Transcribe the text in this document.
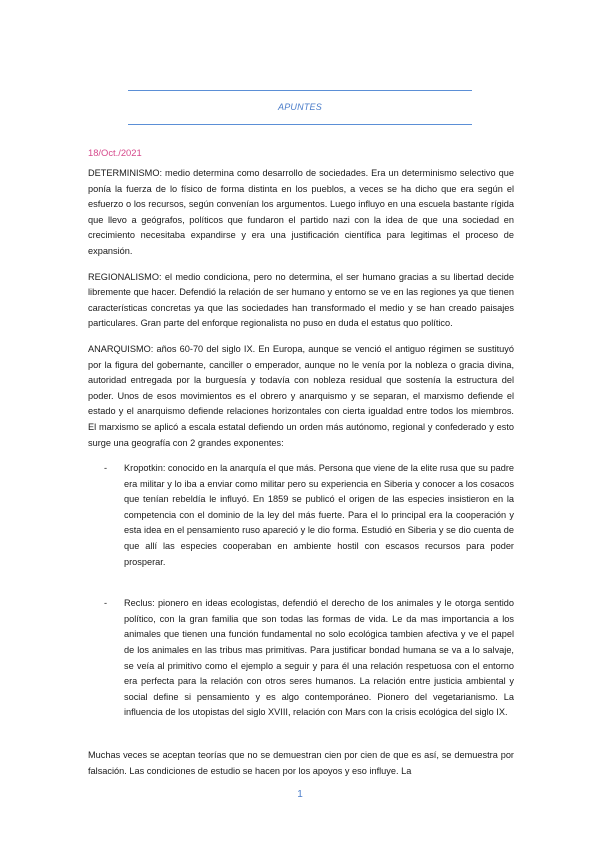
APUNTES
18/Oct./2021

DETERMINISMO: medio determina como desarrollo de sociedades. Era un determinismo selectivo que ponía la fuerza de lo físico de forma distinta en los pueblos, a veces se ha dicho que era según el esfuerzo o los recursos, según convenían los argumentos. Luego influyo en una escuela bastante rígida que llevo a geógrafos, políticos que fundaron el partido nazi con la idea de que una sociedad en crecimiento necesitaba expandirse y era una justificación científica para legitimas el proceso de expansión.

REGIONALISMO: el medio condiciona, pero no determina, el ser humano gracias a su libertad decide libremente que hacer. Defendió la relación de ser humano y entorno se ve en las regiones ya que tienen características concretas ya que las sociedades han transformado el medio y se han creado paisajes particulares. Gran parte del enforque regionalista no puso en duda el estatus quo político.

ANARQUISMO: años 60-70 del siglo IX. En Europa, aunque se venció el antiguo régimen se sustituyó por la figura del gobernante, canciller o emperador, aunque no le venía por la nobleza o gracia divina, autoridad entregada por la burguesía y todavía con nobleza residual que sostenía la estructura del poder. Unos de esos movimientos es el obrero y anarquismo y se separan, el marxismo defiende el estado y el anarquismo defiende relaciones horizontales con cierta igualdad entre todos los miembros. El marxismo se aplicó a escala estatal defiendo un orden más autónomo, regional y confederado y esto surge una geografía con 2 grandes exponentes:

- Kropotkin: conocido en la anarquía el que más. Persona que viene de la elite rusa que su padre era militar y lo iba a enviar como militar pero su experiencia en Siberia y conocer a los cosacos que tenían rebeldía le influyó. En 1859 se publicó el origen de las especies insistieron en la competencia con el dominio de la ley del más fuerte. Para el lo principal era la cooperación y esta idea en el pensamiento ruso apareció y le dio forma. Estudió en Siberia y se dio cuenta de que allí las especies cooperaban en ambiente hostil con escasos recursos para poder prosperar.
- Reclus: pionero en ideas ecologistas, defendió el derecho de los animales y le otorga sentido político, con la gran familia que son todas las formas de vida. Le da mas importancia a los animales que tienen una función fundamental no solo ecológica tambien afectiva y ve el papel de los animales en las tribus mas primitivas. Para justificar bondad humana se va a lo salvaje, se veía al primitivo como el ejemplo a seguir y para él una relación respetuosa con el entorno era perfecta para la relación con otros seres humanos. La relación entre justicia ambiental y social define si pensamiento y es algo contemporáneo. Pionero del vegetarianismo. La influencia de los utopistas del siglo XVIII, relación con Mars con la crisis ecológica del siglo IX.
Muchas veces se aceptan teorías que no se demuestran cien por cien de que es así, se demuestra por falsación. Las condiciones de estudio se hacen por los apoyos y eso influye. La
1
